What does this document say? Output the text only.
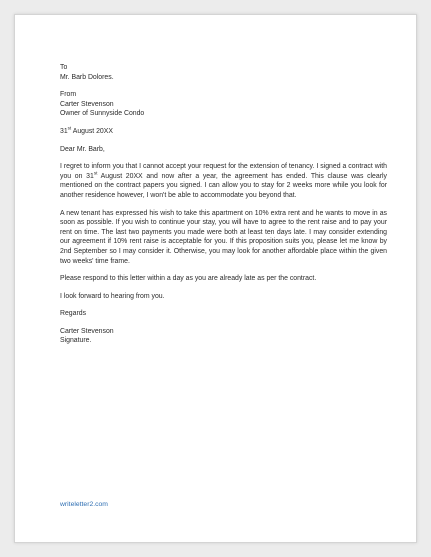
To
Mr. Barb Dolores.
From
Carter Stevenson
Owner of Sunnyside Condo
31st August 20XX
Dear Mr. Barb,
I regret to inform you that I cannot accept your request for the extension of tenancy. I signed a contract with you on 31st August 20XX and now after a year, the agreement has ended. This clause was clearly mentioned on the contract papers you signed. I can allow you to stay for 2 weeks more while you look for another residence however, I won't be able to accommodate you beyond that.
A new tenant has expressed his wish to take this apartment on 10% extra rent and he wants to move in as soon as possible. If you wish to continue your stay, you will have to agree to the rent raise and to pay your rent on time. The last two payments you made were both at least ten days late. I may consider extending our agreement if 10% rent raise is acceptable for you. If this proposition suits you, please let me know by 2nd September so I may consider it. Otherwise, you may look for another affordable place within the given two weeks' time frame.
Please respond to this letter within a day as you are already late as per the contract.
I look forward to hearing from you.
Regards
Carter Stevenson
Signature.
writeletter2.com
